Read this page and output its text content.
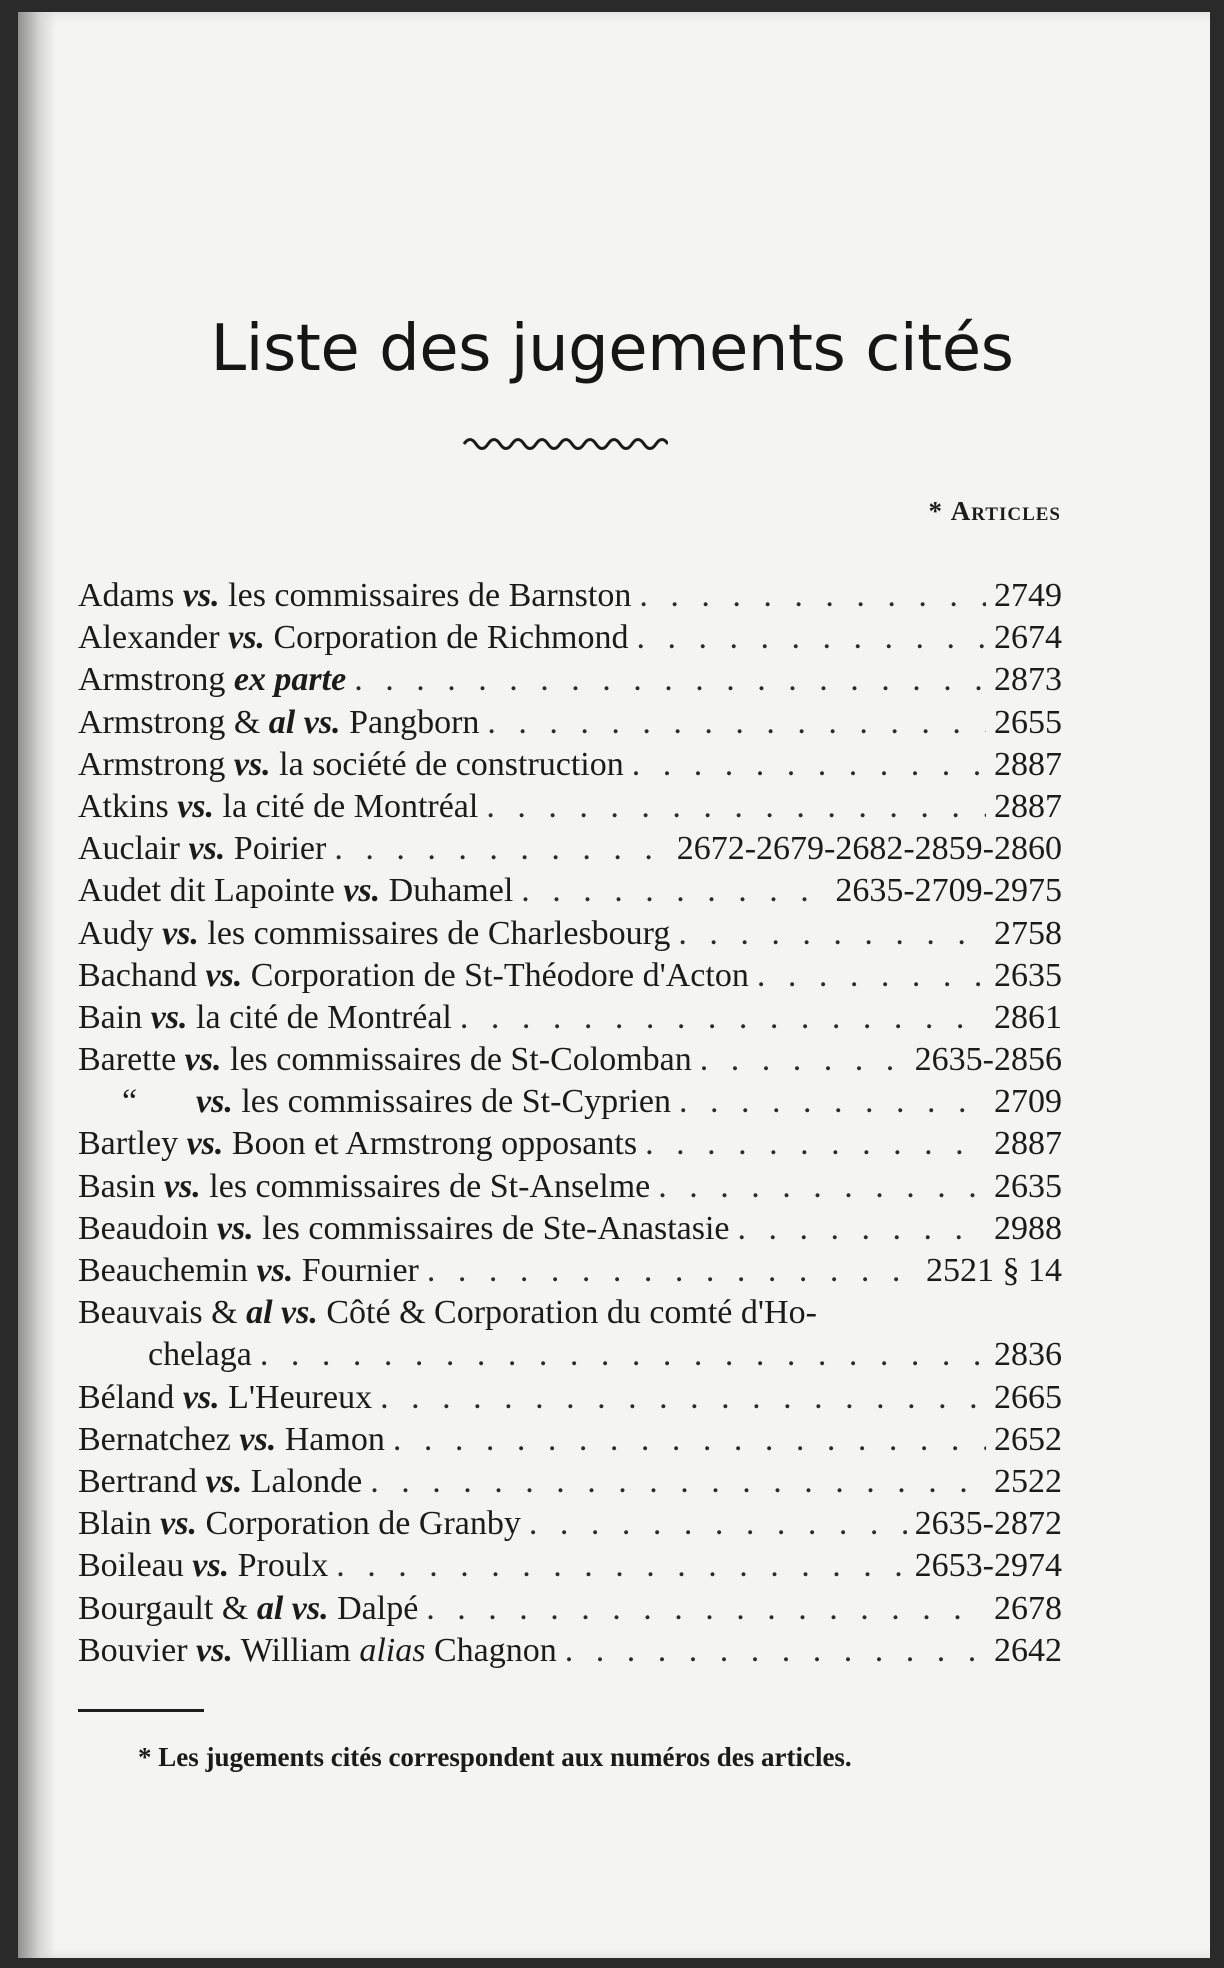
Liste des jugements cités
* Articles
Adams vs. les commissaires de Barnston . . .	2749
Alexander vs. Corporation de Richmond . . .	2674
Armstrong ex parte . . .	2873
Armstrong & al vs. Pangborn . . .	2655
Armstrong vs. la société de construction . . .	2887
Atkins vs. la cité de Montréal . . .	2887
Auclair vs. Poirier . . .	2672-2679-2682-2859-2860
Audet dit Lapointe vs. Duhamel . . .	2635-2709-2975
Audy vs. les commissaires de Charlesbourg . . .	2758
Bachand vs. Corporation de St-Théodore d'Acton . . .	2635
Bain vs. la cité de Montréal . . .	2861
Barette vs. les commissaires de St-Colomban . . .	2635-2856
“ vs. les commissaires de St-Cyprien . . .	2709
Bartley vs. Boon et Armstrong opposants . . .	2887
Basin vs. les commissaires de St-Anselme . . .	2635
Beaudoin vs. les commissaires de Ste-Anastasie . . .	2988
Beauchemin vs. Fournier . . .	2521 § 14
Beauvais & al vs. Côté & Corporation du comté d'Ho-
chelaga . . .	2836
Béland vs. L'Heureux . . .	2665
Bernatchez vs. Hamon . . .	2652
Bertrand vs. Lalonde . . .	2522
Blain vs. Corporation de Granby . . .	2635-2872
Boileau vs. Proulx . . .	2653-2974
Bourgault & al vs. Dalpé . . .	2678
Bouvier vs. William alias Chagnon . . .	2642
* Les jugements cités correspondent aux numéros des articles.
